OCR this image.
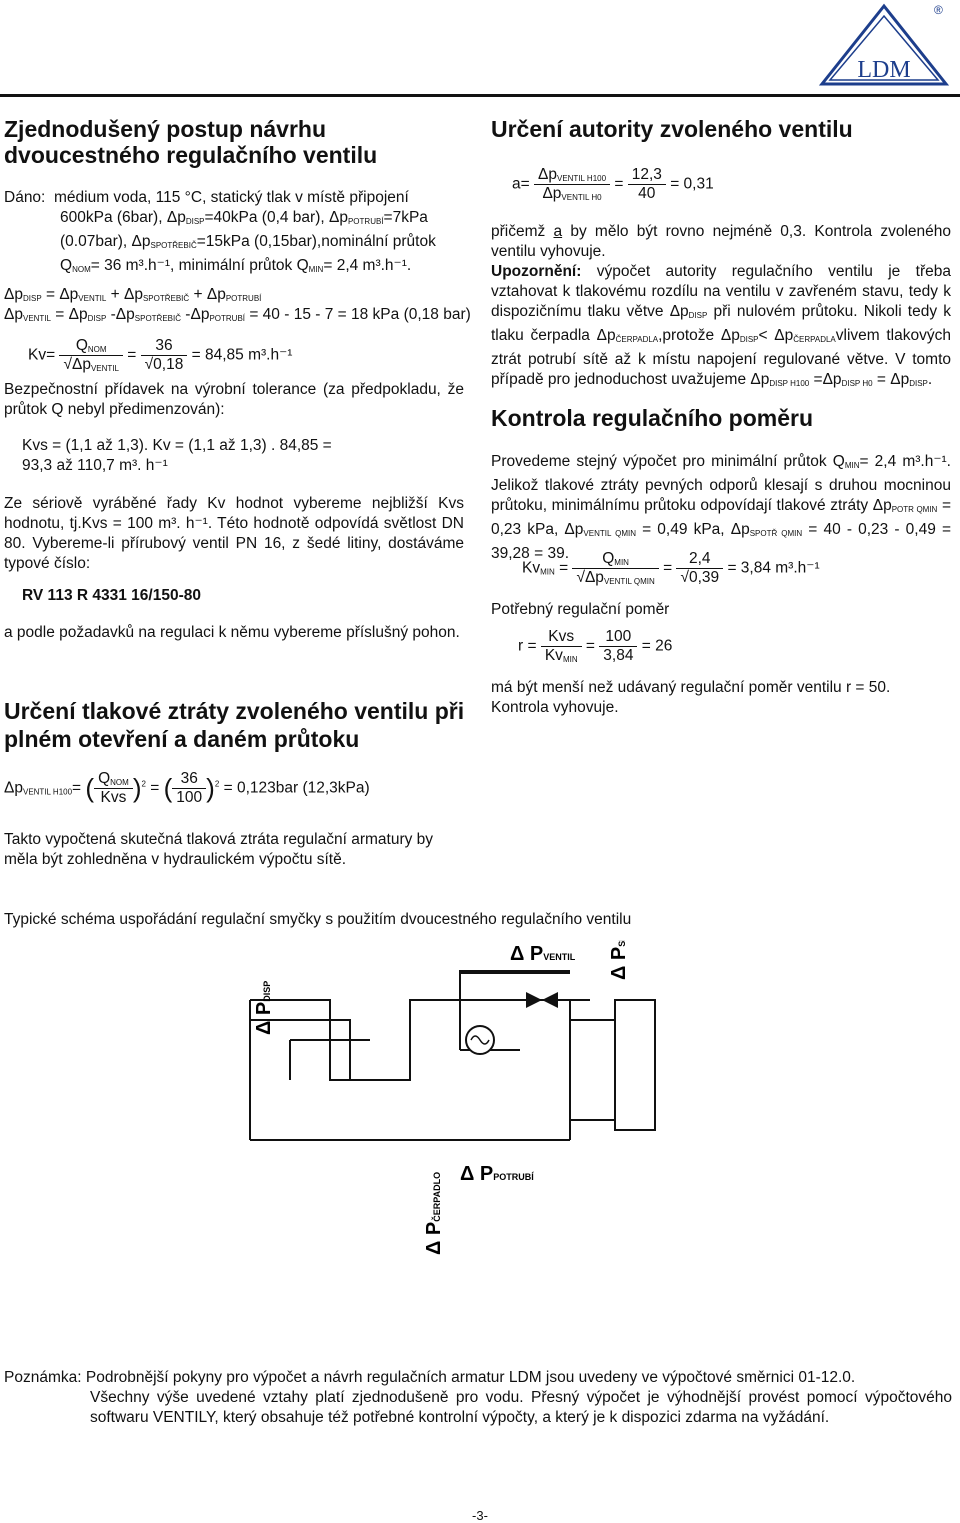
LDM
®
Zjednodušený postup návrhu dvoucestného regulačního ventilu
Dáno: médium voda, 115 °C, statický tlak v místě připojení
600kPa (6bar), $\Delta p_{DISP}=40kPa$ (0,4 bar), $\Delta p_{POTRUBÍ}=7kPa$
(0.07bar), $\Delta p_{SPOTŘEBIČ}=15kPa$ (0,15bar),nominální průtok
$Q_{NOM}= 36$ m³.h⁻¹, minimální průtok $Q_{MIN}= 2,4$ m³.h⁻¹.
$\Delta p_{DISP} = \Delta p_{VENTIL} + \Delta p_{SPOTŘEBIČ} + \Delta p_{POTRUBÍ}$
$\Delta p_{VENTIL} = \Delta p_{DISP}$ $-\Delta p_{SPOTŘEBIČ}$ $-\Delta p_{POTRUBÍ} = 40 - 15 - 7 = 18$ kPa (0,18 bar)
$Kv= \frac{Q_{NOM}}{√\Delta p_{VENTIL}} = \frac{36}{√0,18} = 84,85$ m³.h⁻¹
Bezpečnostní přídavek na výrobní tolerance (za předpokladu, že průtok Q nebyl předimenzován):
Kvs = (1,1 až 1,3). Kv = (1,1 až 1,3) . 84,85 =
93,3 až 110,7 m³. h⁻¹
Ze sériově vyráběné řady Kv hodnot vybereme nejbližší Kvs hodnotu, tj.Kvs = 100 m³. h⁻¹. Této hodnotě odpovídá světlost DN 80. Vybereme-li přírubový ventil PN 16, z šedé litiny, dostáváme typové číslo:
RV 113 R 4331 16/150-80
a podle požadavků na regulaci k němu vybereme příslušný pohon.
Určení tlakové ztráty zvoleného ventilu při plném otevření a daném průtoku
$\Delta p_{VENTIL H100}=$ ( $\frac{Q_{NOM}}{\text{Kvs}} )^2$ = ( $\frac{36}{100} )^2 = 0,123bar$ (12,3kPa)
Takto vypočtená skutečná tlaková ztráta regulační armatury by měla být zohledněna v hydraulickém výpočtu sítě.
Určení autority zvoleného ventilu
$a= \frac{\Delta p_{VENTIL H100}}{\Delta p_{VENTIL H0}} = \frac{12,3}{40} = 0,31$
přičemž a by mělo být rovno nejméně 0,3. Kontrola zvoleného ventilu vyhovuje.
Upozornění: výpočet autority regulačního ventilu je třeba vztahovat k tlakovému rozdílu na ventilu v zavřeném stavu, tedy k dispozičnímu tlaku větve $\Delta p_{DISP}$ při nulovém průtoku. Nikoli tedy k tlaku čerpadla $\Delta p_{ČERPADLA},protože$ $\Delta p_{DISP}<$ $\Delta p_{ČERPADLA}vlivem$ tlakových ztrát potrubí sítě až k místu napojení regulované větve. V tomto případě pro jednoduchost uvažujeme $\Delta p_{DISP H100} =\Delta p_{DISP H0} = \Delta p_{DISP}$.
Kontrola regulačního poměru
Provedeme stejný výpočet pro minimální průtok $Q_{MIN}= 2,4$ m³.h⁻¹. Jelikož tlakové ztráty pevných odporů klesají s druhou mocninou průtoku, minimálnímu průtoku odpovídají tlakové ztráty $\Delta p_{POTR QMIN} = 0,23$ kPa, $\Delta p_{VENTIL QMIN} = 0,49$ kPa, $\Delta p_{SPOTŘ QMIN} = 40 - 0,23 - 0,49 = 39,28 = 39$.
$Kv_{MIN} = \frac{Q_{MIN}}{√\Delta p_{VENTIL QMIN}} = \frac{2,4}{√0,39} = 3,84$ m³.h⁻¹
Potřebný regulační poměr
$r = \frac{\text{Kvs}}{Kv_{MIN}} = \frac{100}{3,84} = 26$
má být menší než udávaný regulační poměr ventilu r = 50. Kontrola vyhovuje.
Typické schéma uspořádání regulační smyčky s použitím dvoucestného regulačního ventilu
Δ PDISP
Δ P
Δ PVENTIL
Δ PPOTRUBÍ
Δ PČERPADLO
Poznámka: Podrobnější pokyny pro výpočet a návrh regulačních armatur LDM jsou uvedeny ve výpočtové směrnici 01-12.0.
Všechny výše uvedené vztahy platí zjednodušeně pro vodu. Přesný výpočet je výhodnější provést pomocí výpočtového softwaru VENTILY, který obsahuje též potřebné kontrolní výpočty, a který je k dispozici zdarma na vyžádání.
-3-
